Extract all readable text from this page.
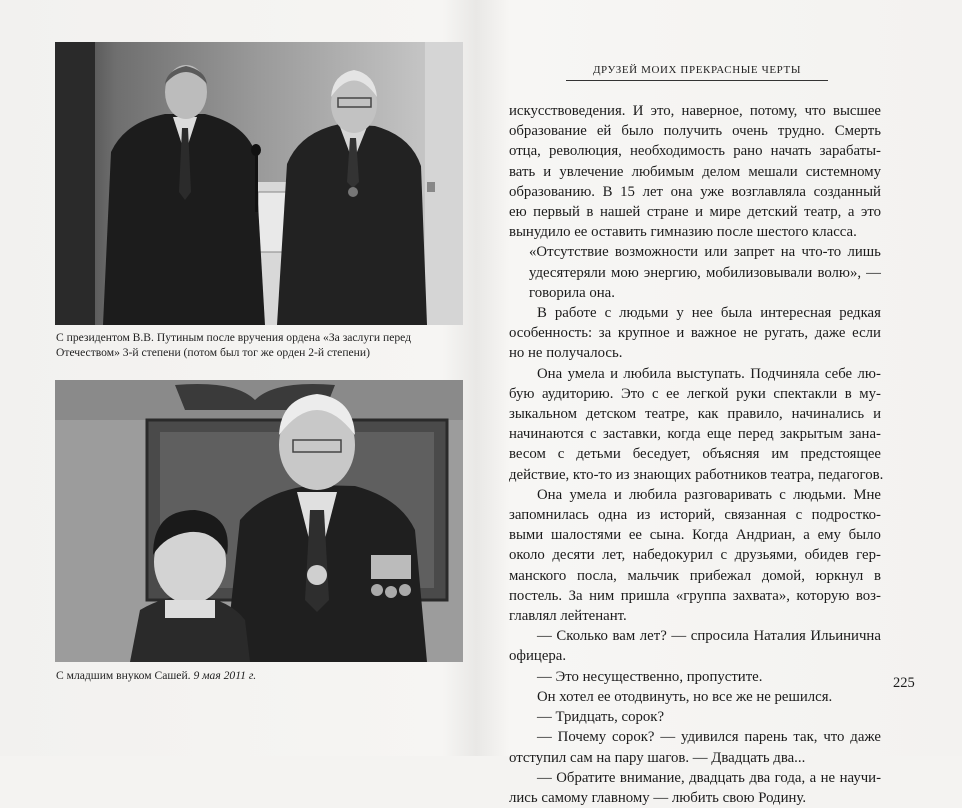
С президентом В.В. Путиным после вручения ордена «За заслуги перед Отечеством» 3-й степени (потом был тог же орден 2-й степени)
С младшим внуком Сашей. 9 мая 2011 г.
ДРУЗЕЙ МОИХ ПРЕКРАСНЫЕ ЧЕРТЫ
искусствоведения. И это, наверное, потому, что высшее
образование ей было получить очень трудно. Смерть
отца, революция, необходимость рано начать зарабаты-
вать и увлечение любимым делом мешали системному
образованию. В 15 лет она уже возглавляла созданный
ею первый в нашей стране и мире детский театр, а это
вынудило ее оставить гимназию после шестого класса.
«Отсутствие возможности или запрет на что-то лишь
удесятеряли мою энергию, мобилизовывали волю», —
говорила она.
В работе с людьми у нее была интересная редкая
особенность: за крупное и важное не ругать, даже если
но не получалось.
Она умела и любила выступать. Подчиняла себе лю-
бую аудиторию. Это с ее легкой руки спектакли в му-
зыкальном детском театре, как правило, начинались и
начинаются с заставки, когда еще перед закрытым зана-
весом с детьми беседует, объясняя им предстоящее
действие, кто-то из знающих работников театра, педагогов.
Она умела и любила разговаривать с людьми. Мне
запомнилась одна из историй, связанная с подростко-
выми шалостями ее сына. Когда Андриан, а ему было
около десяти лет, набедокурил с друзьями, обидев гер-
манского посла, мальчик прибежал домой, юркнул в
постель. За ним пришла «группа захвата», которую воз-
главлял лейтенант.
— Сколько вам лет? — спросила Наталия Ильинична
офицера.
— Это несущественно, пропустите.
Он хотел ее отодвинуть, но все же не решился.
— Тридцать, сорок?
— Почему сорок? — удивился парень так, что даже
отступил сам на пару шагов. — Двадцать два...
— Обратите внимание, двадцать два года, а не научи-
лись самому главному — любить свою Родину.
225
